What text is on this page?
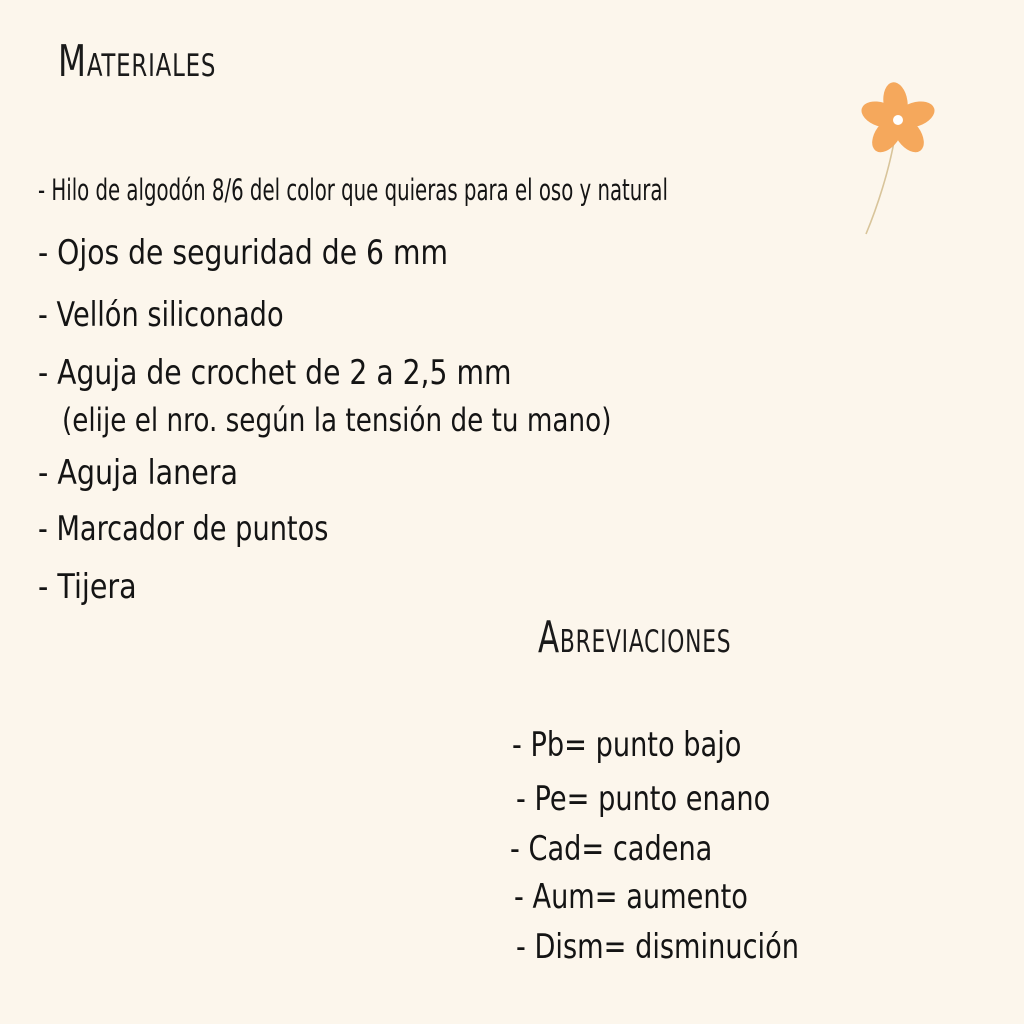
Materiales
- Hilo de algodón 8/6 del color que quieras para el oso y natural
- Ojos de seguridad de 6 mm
- Vellón siliconado
- Aguja de crochet de 2 a 2,5 mm
(elije el nro. según la tensión de tu mano)
- Aguja lanera
- Marcador de puntos
- Tijera
Abreviaciones
- Pb= punto bajo
- Pe= punto enano
- Cad= cadena
- Aum= aumento
- Dism= disminución
